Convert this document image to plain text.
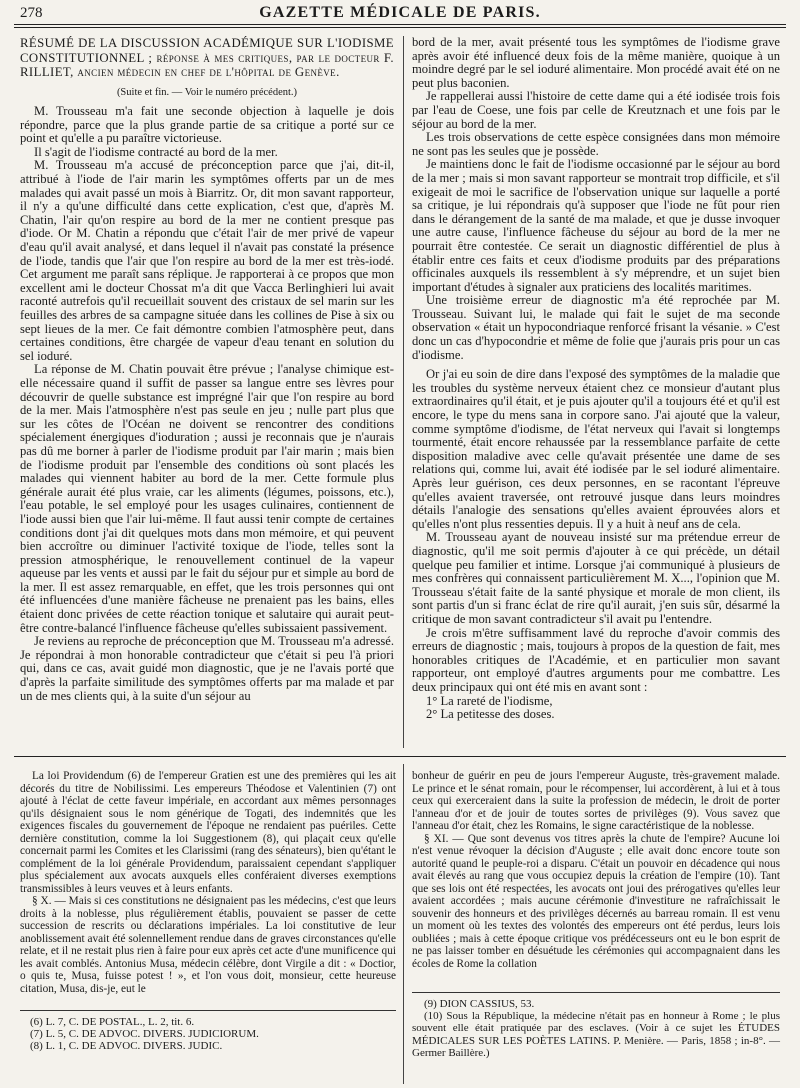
278	GAZETTE MÉDICALE DE PARIS.

RÉSUMÉ DE LA DISCUSSION ACADÉMIQUE SUR L'IODISME CONSTITUTIONNEL ; réponse à mes critiques, par le docteur F. RILLIET, ancien médecin en chef de l'hôpital de Genève.

(Suite et fin. — Voir le numéro précédent.)

M. Trousseau m'a fait une seconde objection à laquelle je dois répondre, parce que la plus grande partie de sa critique a porté sur ce point et qu'elle a pu paraître victorieuse.

Il s'agit de l'iodisme contracté au bord de la mer.

M. Trousseau m'a accusé de préconception parce que j'ai, dit-il, attribué à l'iode de l'air marin les symptômes offerts par un de mes malades qui avait passé un mois à Biarritz. Or, dit mon savant rapporteur, il n'y a qu'une difficulté dans cette explication, c'est que, d'après M. Chatin, l'air qu'on respire au bord de la mer ne contient presque pas d'iode. Or M. Chatin a répondu que c'était l'air de mer privé de vapeur d'eau qu'il avait analysé, et dans lequel il n'avait pas constaté la présence de l'iode, tandis que l'air que l'on respire au bord de la mer est très-iodé. Cet argument me paraît sans réplique. Je rapporterai à ce propos que mon excellent ami le docteur Chossat m'a dit que Vacca Berlinghieri lui avait raconté autrefois qu'il recueillait souvent des cristaux de sel marin sur les feuilles des arbres de sa campagne située dans les collines de Pise à six ou sept lieues de la mer. Ce fait démontre combien l'atmosphère peut, dans certaines conditions, être chargée de vapeur d'eau tenant en solution du sel ioduré.

La réponse de M. Chatin pouvait être prévue ; l'analyse chimique est-elle nécessaire quand il suffit de passer sa langue entre ses lèvres pour découvrir de quelle substance est imprégné l'air que l'on respire au bord de la mer. Mais l'atmosphère n'est pas seule en jeu ; nulle part plus que sur les côtes de l'Océan ne doivent se rencontrer des conditions spécialement énergiques d'ioduration ; aussi je reconnais que je n'aurais pas dû me borner à parler de l'iodisme produit par l'air marin ; mais bien de l'iodisme produit par l'ensemble des conditions où sont placés les malades qui viennent habiter au bord de la mer. Cette formule plus générale aurait été plus vraie, car les aliments (légumes, poissons, etc.), l'eau potable, le sel employé pour les usages culinaires, contiennent de l'iode aussi bien que l'air lui-même. Il faut aussi tenir compte de certaines conditions dont j'ai dit quelques mots dans mon mémoire, et qui peuvent bien accroître ou diminuer l'activité toxique de l'iode, telles sont la pression atmosphérique, le renouvellement continuel de la vapeur aqueuse par les vents et aussi par le fait du séjour pur et simple au bord de la mer. Il est assez remarquable, en effet, que les trois personnes qui ont été influencées d'une manière fâcheuse ne prenaient pas les bains, elles étaient donc privées de cette réaction tonique et salutaire qui aurait peut-être contre-balancé l'influence fâcheuse qu'elles subissaient passivement.

Je reviens au reproche de préconception que M. Trousseau m'a adressé. Je répondrai à mon honorable contradicteur que c'était si peu l'à priori qui, dans ce cas, avait guidé mon diagnostic, que je ne l'avais porté que d'après la parfaite similitude des symptômes offerts par ma malade et par un de mes clients qui, à la suite d'un séjour au

bord de la mer, avait présenté tous les symptômes de l'iodisme grave après avoir été influencé deux fois de la même manière, quoique à un moindre degré par le sel ioduré alimentaire. Mon procédé avait été on ne peut plus baconien.

Je rappellerai aussi l'histoire de cette dame qui a été iodisée trois fois par l'eau de Coese, une fois par celle de Kreutznach et une fois par le séjour au bord de la mer.

Les trois observations de cette espèce consignées dans mon mémoire ne sont pas les seules que je possède.

Je maintiens donc le fait de l'iodisme occasionné par le séjour au bord de la mer ; mais si mon savant rapporteur se montrait trop difficile, et s'il exigeait de moi le sacrifice de l'observation unique sur laquelle a porté sa critique, je lui répondrais qu'à supposer que l'iode ne fût pour rien dans le dérangement de la santé de ma malade, et que je dusse invoquer une autre cause, l'influence fâcheuse du séjour au bord de la mer ne pourrait être contestée. Ce serait un diagnostic différentiel de plus à établir entre ces faits et ceux d'iodisme produits par des préparations officinales auxquels ils ressemblent à s'y méprendre, et un sujet bien important d'études à signaler aux praticiens des localités maritimes.

Une troisième erreur de diagnostic m'a été reprochée par M. Trousseau. Suivant lui, le malade qui fait le sujet de ma seconde observation « était un hypocondriaque renforcé frisant la vésanie. » C'est donc un cas d'hypocondrie et même de folie que j'aurais pris pour un cas d'iodisme.

Or j'ai eu soin de dire dans l'exposé des symptômes de la maladie que les troubles du système nerveux étaient chez ce monsieur d'autant plus extraordinaires qu'il était, et je puis ajouter qu'il a toujours été et qu'il est encore, le type du mens sana in corpore sano. J'ai ajouté que la valeur, comme symptôme d'iodisme, de l'état nerveux qui l'avait si longtemps tourmenté, était encore rehaussée par la ressemblance parfaite de cette disposition maladive avec celle qu'avait présentée une dame de ses relations qui, comme lui, avait été iodisée par le sel ioduré alimentaire. Après leur guérison, ces deux personnes, en se racontant l'épreuve qu'elles avaient traversée, ont retrouvé jusque dans leurs moindres détails l'analogie des sensations qu'elles avaient éprouvées alors et qu'elles n'ont plus ressenties depuis. Il y a huit à neuf ans de cela.

M. Trousseau ayant de nouveau insisté sur ma prétendue erreur de diagnostic, qu'il me soit permis d'ajouter à ce qui précède, un détail quelque peu familier et intime. Lorsque j'ai communiqué à plusieurs de mes confrères qui connaissent particulièrement M. X..., l'opinion que M. Trousseau s'était faite de la santé physique et morale de mon client, ils sont partis d'un si franc éclat de rire qu'il aurait, j'en suis sûr, désarmé la critique de mon savant contradicteur s'il avait pu l'entendre.

Je crois m'être suffisamment lavé du reproche d'avoir commis des erreurs de diagnostic ; mais, toujours à propos de la question de fait, mes honorables critiques de l'Académie, et en particulier mon savant rapporteur, ont employé d'autres arguments pour me combattre. Les deux principaux qui ont été mis en avant sont :

1° La rareté de l'iodisme,

2° La petitesse des doses.

La loi Providendum (6) de l'empereur Gratien est une des premières qui les ait décorés du titre de Nobilissimi. Les empereurs Théodose et Valentinien (7) ont ajouté à l'éclat de cette faveur impériale, en accordant aux mêmes personnages qu'ils désignaient sous le nom générique de Togati, des indemnités que les exigences fiscales du gouvernement de l'époque ne rendaient pas puériles. Cette dernière constitution, comme la loi Suggestionem (8), qui plaçait ceux qu'elle concernait parmi les Comites et les Clarissimi (rang des sénateurs), bien qu'étant le complément de la loi générale Providendum, paraissaient cependant s'appliquer plus spécialement aux avocats auxquels elles conféraient diverses exemptions transmissibles à leurs veuves et à leurs enfants.

§ X. — Mais si ces constitutions ne désignaient pas les médecins, c'est que leurs droits à la noblesse, plus régulièrement établis, pouvaient se passer de cette succession de rescrits ou déclarations impériales. La loi constitutive de leur anoblissement avait été solennellement rendue dans de graves circonstances qu'elle relate, et il ne restait plus rien à faire pour eux après cet acte d'une munificence qui les avait comblés. Antonius Musa, médecin célèbre, dont Virgile a dit : « Doctior, o quis te, Musa, fuisse potest ! », et l'on vous doit, monsieur, cette heureuse citation, Musa, dis-je, eut le

bonheur de guérir en peu de jours l'empereur Auguste, très-gravement malade. Le prince et le sénat romain, pour le récompenser, lui accordèrent, à lui et à tous ceux qui exerceraient dans la suite la profession de médecin, le droit de porter l'anneau d'or et de jouir de toutes sortes de privilèges (9). Vous savez que l'anneau d'or était, chez les Romains, le signe caractéristique de la noblesse.

§ XI. — Que sont devenus vos titres après la chute de l'empire? Aucune loi n'est venue révoquer la décision d'Auguste ; elle avait donc encore toute son autorité quand le peuple-roi a disparu. C'était un pouvoir en décadence qui nous avait élevés au rang que vous occupiez depuis la création de l'empire (10). Tant que ses lois ont été respectées, les avocats ont joui des prérogatives qu'elles leur avaient accordées ; mais aucune cérémonie d'investiture ne rafraîchissait le souvenir des honneurs et des privilèges décernés au barreau romain. Il est venu un moment où les textes des volontés des empereurs ont été perdus, leurs lois oubliées ; mais à cette époque critique vos prédécesseurs ont eu le bon esprit de ne pas laisser tomber en désuétude les cérémonies qui accompagnaient dans les écoles de Rome la collation

(6) L. 7, C. DE POSTAL., L. 2, tit. 6.

(7) L. 5, C. DE ADVOC. DIVERS. JUDICIORUM.

(8) L. 1, C. DE ADVOC. DIVERS. JUDIC.

(9) DION CASSIUS, 53.

(10) Sous la République, la médecine n'était pas en honneur à Rome ; le plus souvent elle était pratiquée par des esclaves. (Voir à ce sujet les ÉTUDES MÉDICALES SUR LES POÈTES LATINS. P. Menière. — Paris, 1858 ; in-8°. — Germer Baillère.)
